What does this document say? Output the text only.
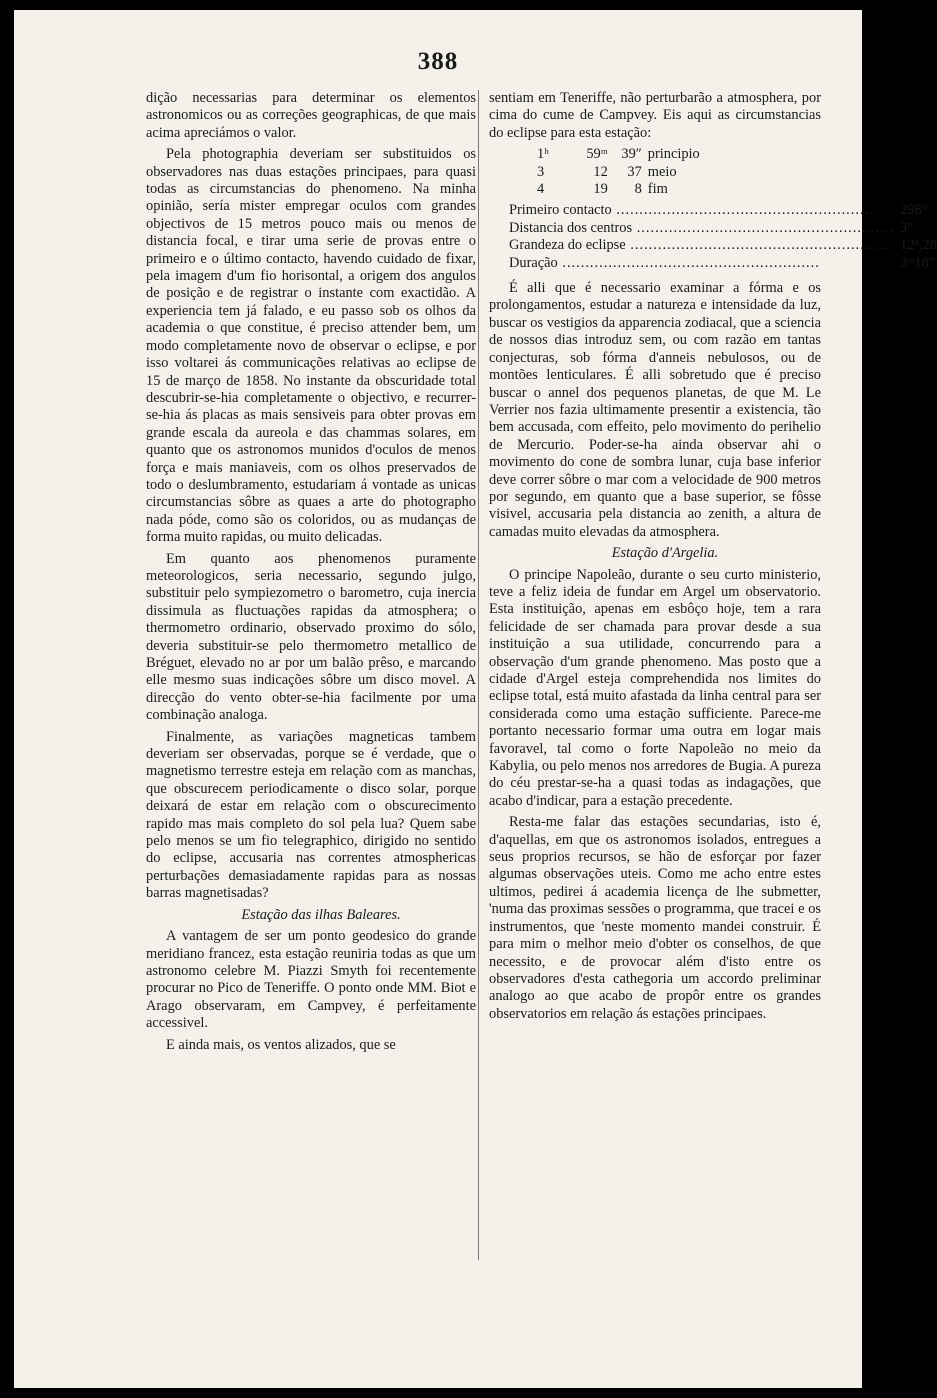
388

dição necessarias para determinar os elementos astronomicos ou as correções geographicas, de que mais acima apreciámos o valor.

Pela photographia deveriam ser substituidos os observadores nas duas estações principaes, para quasi todas as circumstancias do phenomeno. Na minha opinião, sería mister empregar oculos com grandes objectivos de 15 metros pouco mais ou menos de distancia focal, e tirar uma serie de provas entre o primeiro e o último contacto, havendo cuidado de fixar, pela imagem d'um fio horisontal, a origem dos angulos de posição e de registrar o instante com exactidão. A experiencia tem já falado, e eu passo sob os olhos da academia o que constitue, é preciso attender bem, um modo completamente novo de observar o eclipse, e por isso voltarei ás communicações relativas ao eclipse de 15 de março de 1858. No instante da obscuridade total descubrir-se-hia completamente o objectivo, e recurrer-se-hia ás placas as mais sensiveis para obter provas em grande escala da aureola e das chammas solares, em quanto que os astronomos munidos d'oculos de menos força e mais maniaveis, com os olhos preservados de todo o deslumbramento, estudariam á vontade as unicas circumstancias sôbre as quaes a arte do photographo nada póde, como são os coloridos, ou as mudanças de forma muito rapidas, ou muito delicadas.

Em quanto aos phenomenos puramente meteorologicos, seria necessario, segundo julgo, substituir pelo sympiezometro o barometro, cuja inercia dissimula as fluctuações rapidas da atmosphera; o thermometro ordinario, observado proximo do sólo, deveria substituir-se pelo thermometro metallico de Bréguet, elevado no ar por um balão prêso, e marcando elle mesmo suas indicações sôbre um disco movel. A direcção do vento obter-se-hia facilmente por uma combinação analoga.

Finalmente, as variações magneticas tambem deveriam ser observadas, porque se é verdade, que o magnetismo terrestre esteja em relação com as manchas, que obscurecem periodicamente o disco solar, porque deixará de estar em relação com o obscurecimento rapido mas mais completo do sol pela lua? Quem sabe pelo menos se um fio telegraphico, dirigido no sentido do eclipse, accusaria nas correntes atmosphericas perturbações demasiadamente rapidas para as nossas barras magnetisadas?

Estação das ilhas Baleares.

A vantagem de ser um ponto geodesico do grande meridiano francez, esta estação reuniria todas as que um astronomo celebre M. Piazzi Smyth foi recentemente procurar no Pico de Teneriffe. O ponto onde MM. Biot e Arago observaram, em Campvey, é perfeitamente accessivel.

E ainda mais, os ventos alizados, que se

sentiam em Teneriffe, não perturbarão a atmosphera, por cima do cume de Campvey. Eis aqui as circumstancias do eclipse para esta estação:

1ʰ	59ᵐ	39″	principio
3	12	37	meio
4	19	8	fim
Primeiro contacto .....	298°
Distancia dos centros .....	3″
Grandeza do eclipse .....	12ᵈ,28
Duração .....	3ᵐ18″

É alli que é necessario examinar a fórma e os prolongamentos, estudar a natureza e intensidade da luz, buscar os vestigios da apparencia zodiacal, que a sciencia de nossos dias introduz sem, ou com razão em tantas conjecturas, sob fórma d'anneis nebulosos, ou de montões lenticulares. É alli sobretudo que é preciso buscar o annel dos pequenos planetas, de que M. Le Verrier nos fazia ultimamente presentir a existencia, tão bem accusada, com effeito, pelo movimento do perihelio de Mercurio. Poder-se-ha ainda observar ahi o movimento do cone de sombra lunar, cuja base inferior deve correr sôbre o mar com a velocidade de 900 metros por segundo, em quanto que a base superior, se fôsse visivel, accusaria pela distancia ao zenith, a altura de camadas muito elevadas da atmosphera.

Estação d'Argelia.

O principe Napoleão, durante o seu curto ministerio, teve a feliz ideia de fundar em Argel um observatorio. Esta instituição, apenas em esbôço hoje, tem a rara felicidade de ser chamada para provar desde a sua instituição a sua utilidade, concurrendo para a observação d'um grande phenomeno. Mas posto que a cidade d'Argel esteja comprehendida nos limites do eclipse total, está muito afastada da linha central para ser considerada como uma estação sufficiente. Parece-me portanto necessario formar uma outra em logar mais favoravel, tal como o forte Napoleão no meio da Kabylia, ou pelo menos nos arredores de Bugia. A pureza do céu prestar-se-ha a quasi todas as indagações, que acabo d'indicar, para a estação precedente.

Resta-me falar das estações secundarias, isto é, d'aquellas, em que os astronomos isolados, entregues a seus proprios recursos, se hão de esforçar por fazer algumas observações uteis. Como me acho entre estes ultimos, pedirei á academia licença de lhe submetter, 'numa das proximas sessões o programma, que tracei e os instrumentos, que 'neste momento mandei construir. É para mim o melhor meio d'obter os conselhos, de que necessito, e de provocar além d'isto entre os observadores d'esta cathegoria um accordo preliminar analogo ao que acabo de propôr entre os grandes observatorios em relação ás estações principaes.
